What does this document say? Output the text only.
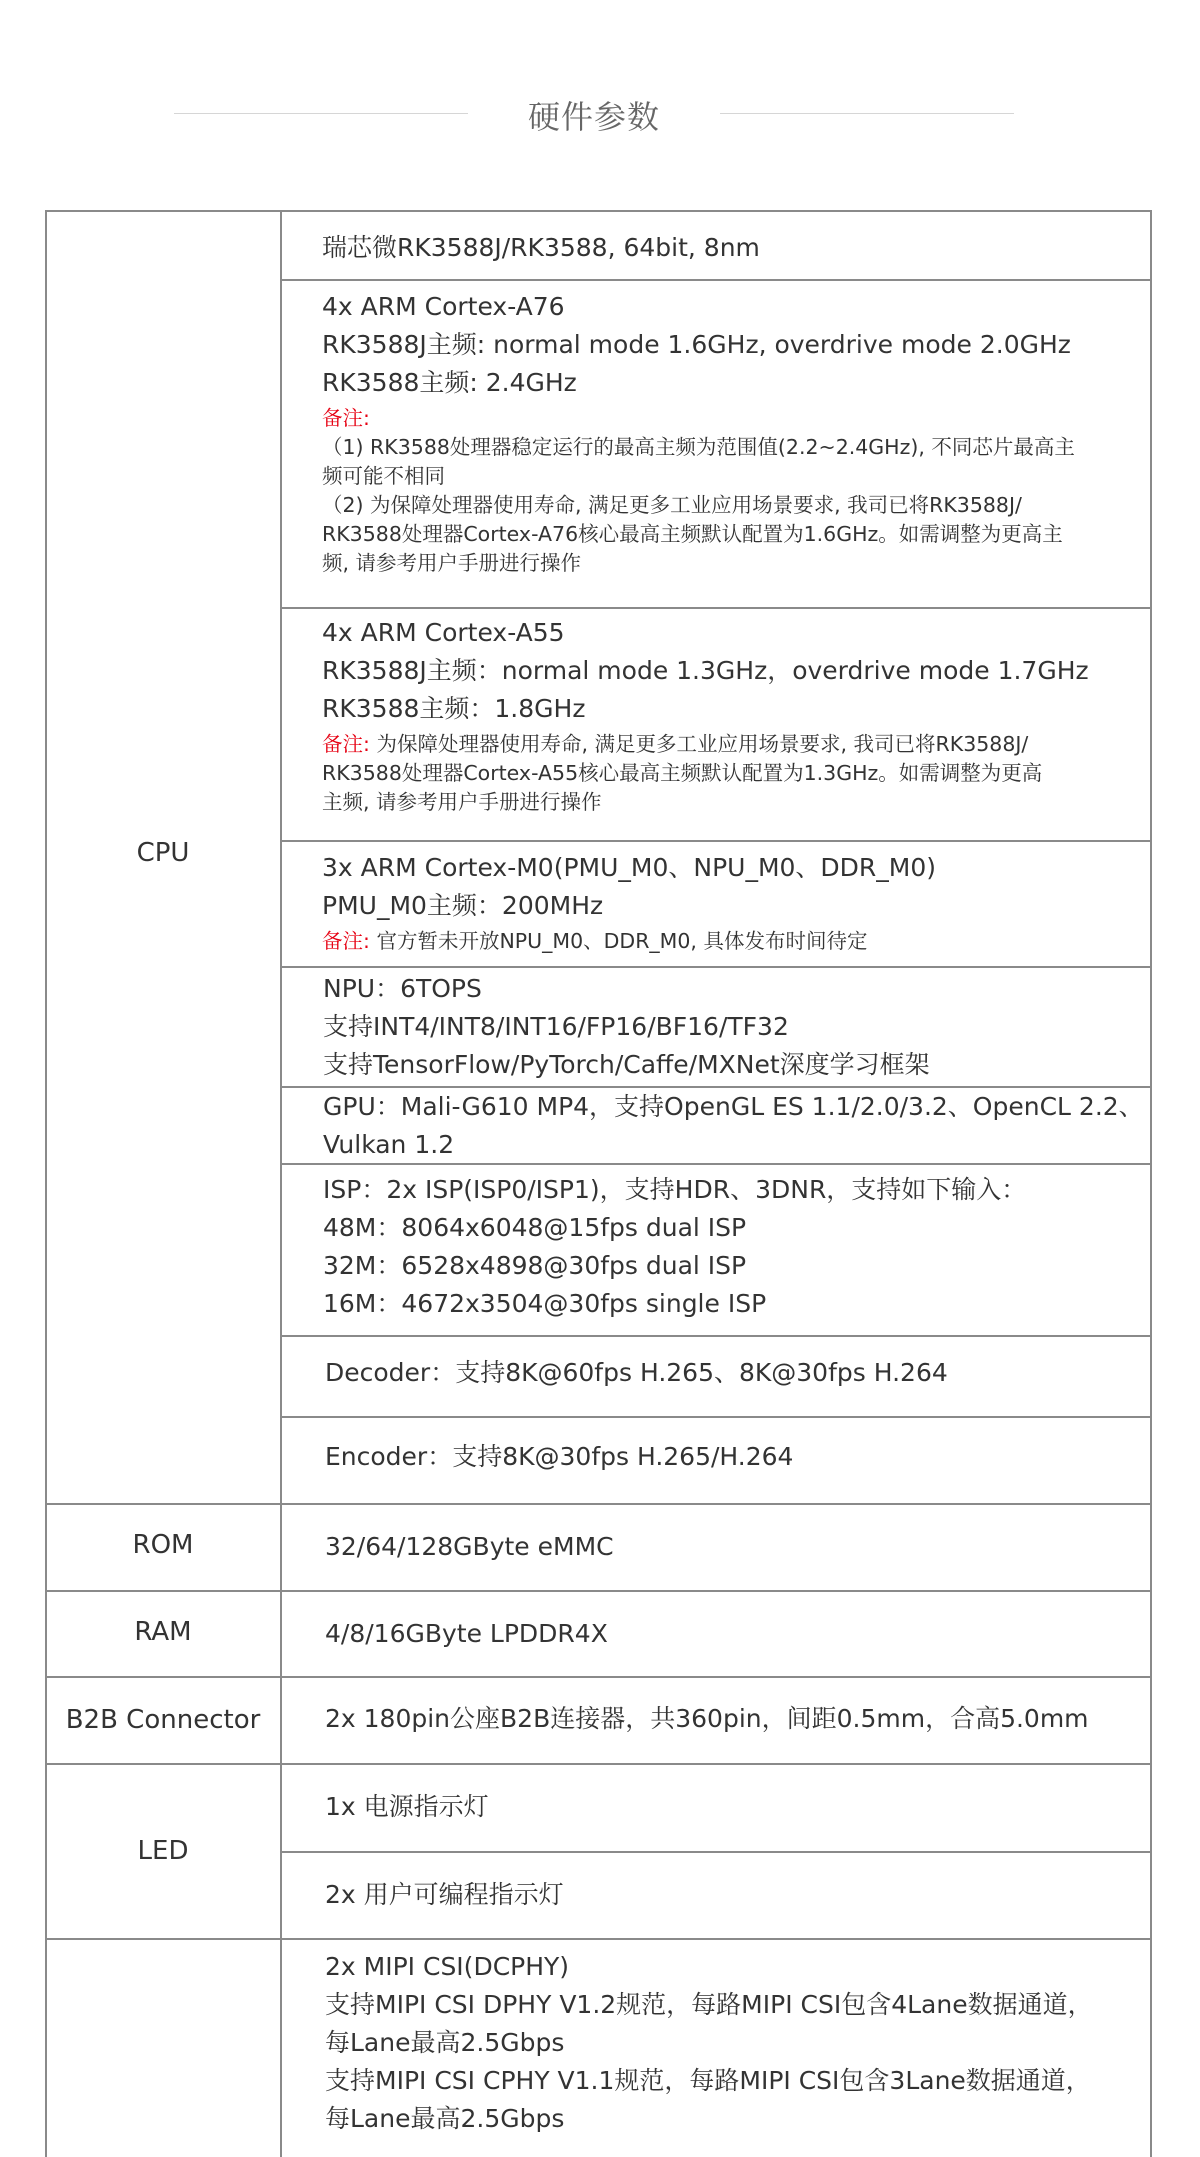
硬件参数
CPU
ROM
RAM
B2B Connector
LED
瑞芯微RK3588J/RK3588, 64bit, 8nm
4x ARM Cortex-A76
RK3588J主频: normal mode 1.6GHz, overdrive mode 2.0GHz
RK3588主频: 2.4GHz
备注:
（1) RK3588处理器稳定运行的最高主频为范围值(2.2~2.4GHz), 不同芯片最高主
频可能不相同
（2) 为保障处理器使用寿命, 满足更多工业应用场景要求, 我司已将RK3588J/
RK3588处理器Cortex-A76核心最高主频默认配置为1.6GHz。如需调整为更高主
频, 请参考用户手册进行操作
4x ARM Cortex-A55
RK3588J主频：normal mode 1.3GHz，overdrive mode 1.7GHz
RK3588主频：1.8GHz
备注: 为保障处理器使用寿命, 满足更多工业应用场景要求, 我司已将RK3588J/
RK3588处理器Cortex-A55核心最高主频默认配置为1.3GHz。如需调整为更高
主频, 请参考用户手册进行操作
3x ARM Cortex-M0(PMU_M0、NPU_M0、DDR_M0)
PMU_M0主频：200MHz
备注: 官方暂未开放NPU_M0、DDR_M0, 具体发布时间待定
NPU：6TOPS
支持INT4/INT8/INT16/FP16/BF16/TF32
支持TensorFlow/PyTorch/Caffe/MXNet深度学习框架
GPU：Mali-G610 MP4，支持OpenGL ES 1.1/2.0/3.2、OpenCL 2.2、
Vulkan 1.2
ISP：2x ISP(ISP0/ISP1)，支持HDR、3DNR，支持如下输入：
48M：8064x6048@15fps dual ISP
32M：6528x4898@30fps dual ISP
16M：4672x3504@30fps single ISP
Decoder：支持8K@60fps H.265、8K@30fps H.264
Encoder：支持8K@30fps H.265/H.264
32/64/128GByte eMMC
4/8/16GByte LPDDR4X
2x 180pin公座B2B连接器，共360pin，间距0.5mm，合高5.0mm
1x 电源指示灯
2x 用户可编程指示灯
2x MIPI CSI(DCPHY)
支持MIPI CSI DPHY V1.2规范，每路MIPI CSI包含4Lane数据通道，
每Lane最高2.5Gbps
支持MIPI CSI CPHY V1.1规范，每路MIPI CSI包含3Lane数据通道，
每Lane最高2.5Gbps
